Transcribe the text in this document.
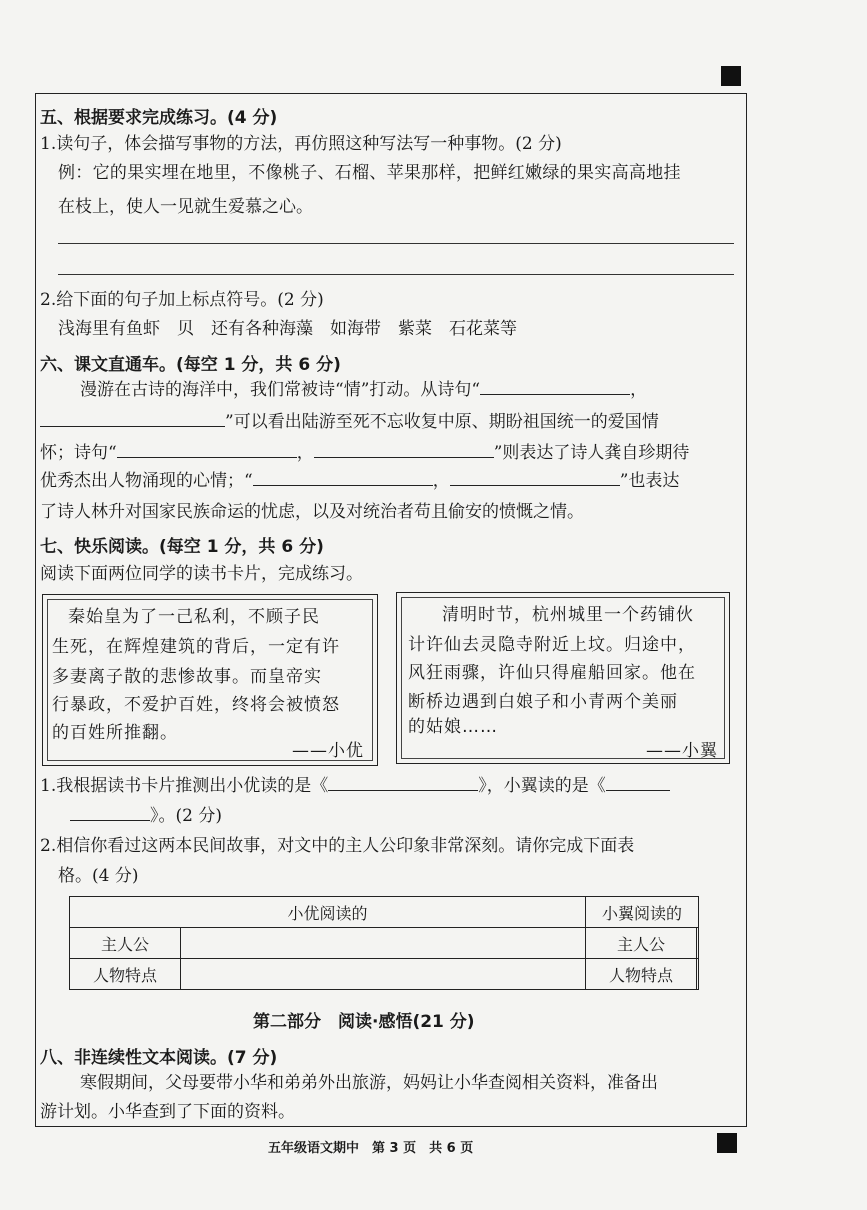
五、根据要求完成练习。(4 分)
1.读句子，体会描写事物的方法，再仿照这种写法写一种事物。(2 分)
例：它的果实埋在地里，不像桃子、石榴、苹果那样，把鲜红嫩绿的果实高高地挂
在枝上，使人一见就生爱慕之心。
2.给下面的句子加上标点符号。(2 分)
浅海里有鱼虾　贝　还有各种海藻　如海带　紫菜　石花菜等
六、课文直通车。(每空 1 分，共 6 分)
漫游在古诗的海洋中，我们常被诗“情”打动。从诗句“	，
”可以看出陆游至死不忘收复中原、期盼祖国统一的爱国情
怀；诗句“	，	”则表达了诗人龚自珍期待
优秀杰出人物涌现的心情；“	，	”也表达
了诗人林升对国家民族命运的忧虑，以及对统治者苟且偷安的愤慨之情。
七、快乐阅读。(每空 1 分，共 6 分)
阅读下面两位同学的读书卡片，完成练习。
秦始皇为了一己私利，不顾子民
生死，在辉煌建筑的背后，一定有许
多妻离子散的悲惨故事。而皇帝实
行暴政，不爱护百姓，终将会被愤怒
的百姓所推翻。
——小优
清明时节，杭州城里一个药铺伙
计许仙去灵隐寺附近上坟。归途中，
风狂雨骤，许仙只得雇船回家。他在
断桥边遇到白娘子和小青两个美丽
的姑娘……
——小翼
1.我根据读书卡片推测出小优读的是《	》，小翼读的是《
》。(2 分)
2.相信你看过这两本民间故事，对文中的主人公印象非常深刻。请你完成下面表
格。(4 分)
小优阅读的		小翼阅读的	
主人公		主人公	
人物特点		人物特点	
第二部分　阅读·感悟(21 分)
八、非连续性文本阅读。(7 分)
寒假期间，父母要带小华和弟弟外出旅游，妈妈让小华查阅相关资料，准备出
游计划。小华查到了下面的资料。
五年级语文期中　第 3 页　共 6 页
